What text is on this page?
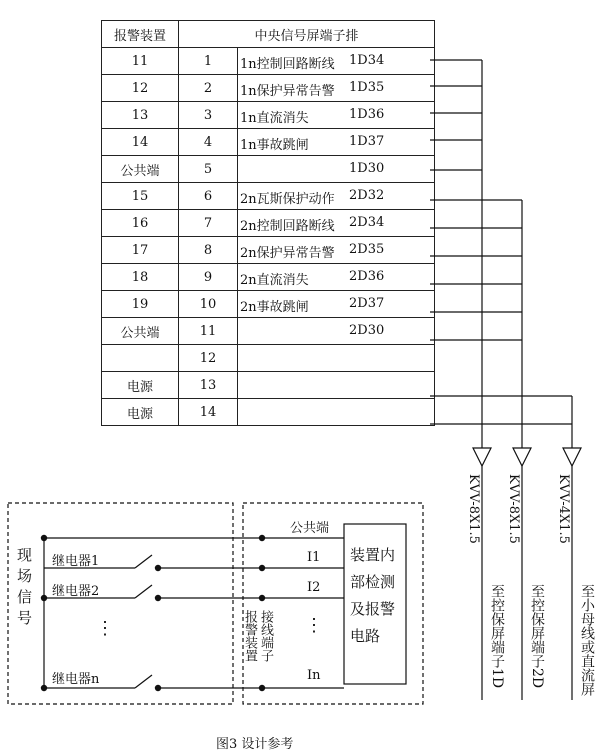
报警装置	中央信号屏端子排	
11	1	1n控制回路断线 1D34

12	2	1n保护异常告警 1D35

13	3	1n直流消失 1D36

14	4	1n事故跳闸 1D37

公共端	5	1D30

15	6	2n瓦斯保护动作 2D32

16	7	2n控制回路断线 2D34

17	8	2n保护异常告警 2D35

18	9	2n直流消失 2D36

19	10	2n事故跳闸 2D37

公共端	11	2D30

	12	

电源	13	

电源	14	
KVV-8X1.5
至控保屏端子1D
KVV-8X1.5
至控保屏端子2D
KVV-4X1.5
至小母线或直流屏
现场信号 继电器1
继电器2
继电器n
⋮
公共端
I1
I2
In
⋮
接线端子
报警装置
装置内部检测及报警电路
图3 设计参考
